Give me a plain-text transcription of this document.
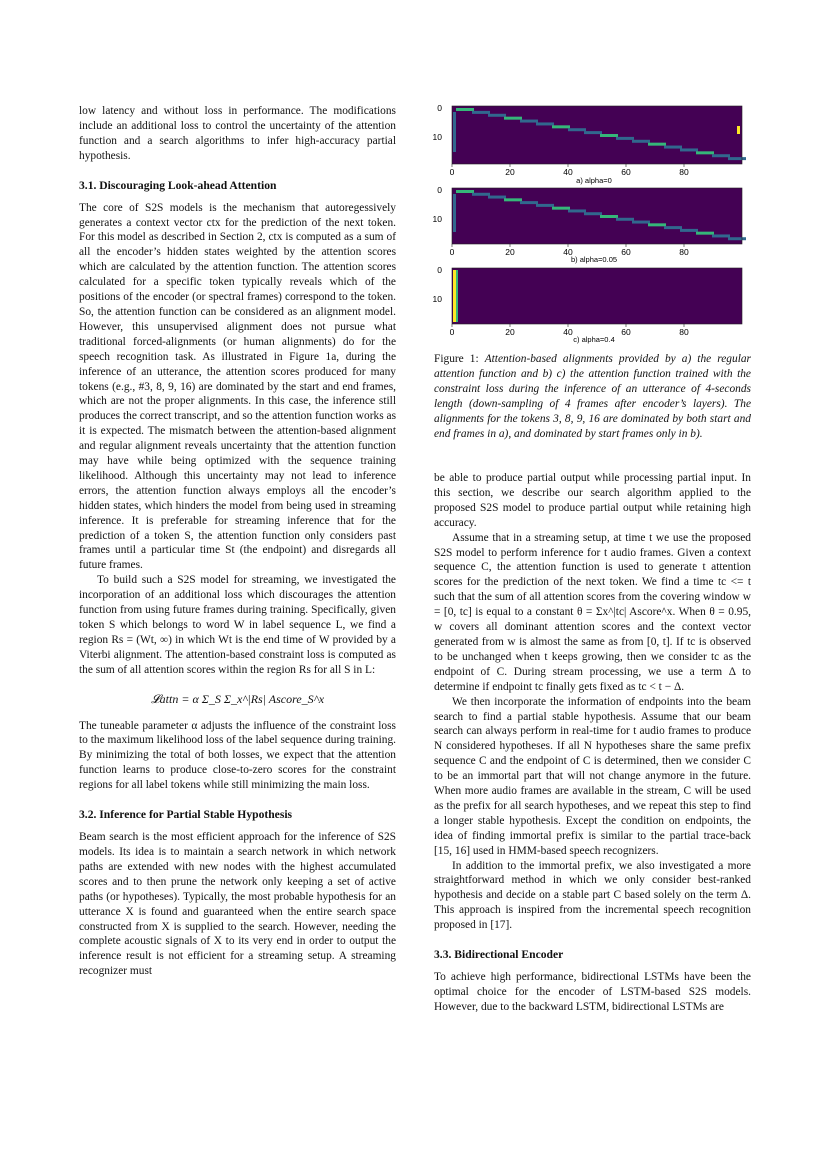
low latency and without loss in performance. The modifications include an additional loss to control the uncertainty of the attention function and a search algorithms to infer high-accuracy partial hypothesis.

3.1. Discouraging Look-ahead Attention

The core of S2S models is the mechanism that autoregessively generates a context vector ctx for the prediction of the next token. For this model as described in Section 2, ctx is computed as a sum of all the encoder’s hidden states weighted by the attention scores which are calculated by the attention function. The attention scores calculated for a specific token typically reveals which of the positions of the encoder (or spectral frames) correspond to the token. So, the attention function can be considered as an alignment model. However, this unsupervised alignment does not pursue what traditional forced-alignments (or human alignments) do for the speech recognition task. As illustrated in Figure 1a, during the inference of an utterance, the attention scores produced for many tokens (e.g., #3, 8, 9, 16) are dominated by the start and end frames, which are not the proper alignments. In this case, the inference still produces the correct transcript, and so the attention function works as it is expected. The mismatch between the attention-based alignment and regular alignment reveals uncertainty that the attention function may have while being optimized with the sequence training likelihood. Although this uncertainty may not lead to inference errors, the attention function always employs all the encoder’s hidden states, which hinders the model from being used in streaming inference. It is preferable for streaming inference that for the prediction of a token S, the attention function only considers past frames until a particular time St (the endpoint) and disregards all future frames.

To build such a S2S model for streaming, we investigated the incorporation of an additional loss which discourages the attention function from using future frames during training. Specifically, given token S which belongs to word W in label sequence L, we find a region Rs = (Wt, ∞) in which Wt is the end time of W provided by a Viterbi alignment. The attention-based constraint loss is computed as the sum of all attention scores within the region Rs for all S in L:

𝓛attn = α Σ_S Σ_x^|Rs| Ascore_S^x

The tuneable parameter α adjusts the influence of the constraint loss to the maximum likelihood loss of the label sequence during training. By minimizing the total of both losses, we expect that the attention function learns to produce close-to-zero scores for the constraint regions for all label tokens while still minimizing the main loss.

3.2. Inference for Partial Stable Hypothesis

Beam search is the most efficient approach for the inference of S2S models. Its idea is to maintain a search network in which network paths are extended with new nodes with the highest accumulated scores and to then prune the network only keeping a set of active paths (or hypotheses). Typically, the most probable hypothesis for an utterance X is found and guaranteed when the entire search space constructed from X is supplied to the search. However, needing the complete acoustic signals of X to its very end in order to output the inference result is not efficient for a streaming setup. A streaming recognizer must

0
10
0	20	40	60	80
a) alpha=0
0
10
0	20	40	60	80
b) alpha=0.05
0
10
0	20	40	60	80
c) alpha=0.4
Figure 1: Attention-based alignments provided by a) the regular attention function and b) c) the attention function trained with the constraint loss during the inference of an utterance of 4-seconds length (down-sampling of 4 frames after encoder’s layers). The alignments for the tokens 3, 8, 9, 16 are dominated by both start and end frames in a), and dominated by start frames only in b).

be able to produce partial output while processing partial input. In this section, we describe our search algorithm applied to the proposed S2S model to produce partial output while retaining high accuracy.

Assume that in a streaming setup, at time t we use the proposed S2S model to perform inference for t audio frames. Given a context sequence C, the attention function is used to generate t attention scores for the prediction of the next token. We find a time tc <= t such that the sum of all attention scores from the covering window w = [0, tc] is equal to a constant θ = Σx^|tc| Ascore^x. When θ = 0.95, w covers all dominant attention scores and the context vector generated from w is almost the same as from [0, t]. If tc is observed to be unchanged when t keeps growing, then we consider tc as the endpoint of C. During stream processing, we use a term Δ to determine if endpoint tc finally gets fixed as tc < t − Δ.

We then incorporate the information of endpoints into the beam search to find a partial stable hypothesis. Assume that our beam search can always perform in real-time for t audio frames to produce N considered hypotheses. If all N hypotheses share the same prefix sequence C and the endpoint of C is determined, then we consider C to be an immortal part that will not change anymore in the future. When more audio frames are available in the stream, C will be used as the prefix for all search hypotheses, and we repeat this step to find a longer stable hypothesis. Except the condition on endpoints, the idea of finding immortal prefix is similar to the partial trace-back [15, 16] used in HMM-based speech recognizers.

In addition to the immortal prefix, we also investigated a more straightforward method in which we only consider best-ranked hypothesis and decide on a stable part C based solely on the term Δ. This approach is inspired from the incremental speech recognition proposed in [17].

3.3. Bidirectional Encoder

To achieve high performance, bidirectional LSTMs have been the optimal choice for the encoder of LSTM-based S2S models. However, due to the backward LSTM, bidirectional LSTMs are
